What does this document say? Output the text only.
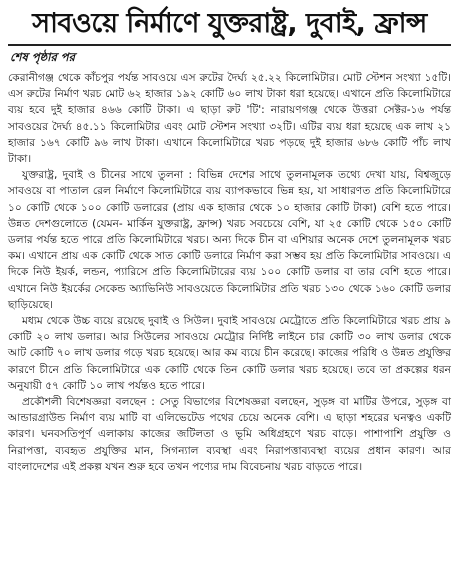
সাবওয়ে নির্মাণে যুক্তরাষ্ট্র, দুবাই, ফ্রান্স
শেষ পৃষ্ঠার পর

কেরানীগঞ্জ থেকে কাঁচপুর পর্যন্ত সাবওয়ে এস রুটের দৈর্ঘ্য ২৫.২২ কিলোমিটার। মোট স্টেশন সংখ্যা ১৫টি। এস রুটের নির্মাণ খরচ মোট ৬২ হাজার ১৯২ কোটি ৬০ লাখ টাকা ধরা হয়েছে। এখানে প্রতি কিলোমিটারে ব্যয় হবে দুই হাজার ৪৬৬ কোটি টাকা। এ ছাড়া রুট 'টি': নারায়ণগঞ্জ থেকে উত্তরা সেক্টর-১৬ পর্যন্ত সাবওয়ের দৈর্ঘ্য ৪৫.১১ কিলোমিটার এবং মোট স্টেশন সংখ্যা ৩২টি। এটির ব্যয় ধরা হয়েছে এক লাখ ২১ হাজার ১৬৭ কোটি ৯৬ লাখ টাকা। এখানে কিলোমিটারে খরচ পড়ছে দুই হাজার ৬৮৬ কোটি পাঁচ লাখ টাকা।

যুক্তরাষ্ট্র, দুবাই ও চীনের সাথে তুলনা : বিভিন্ন দেশের সাথে তুলনামূলক তথ্যে দেখা যায়, বিশ্বজুড়ে সাবওয়ে বা পাতাল রেল নির্মাণে কিলোমিটারে ব্যয় ব্যাপকভাবে ভিন্ন হয়, যা সাধারণত প্রতি কিলোমিটারে ১০ কোটি থেকে ১০০ কোটি ডলারের (প্রায় এক হাজার থেকে ১০ হাজার কোটি টাকা) বেশি হতে পারে। উন্নত দেশগুলোতে (যেমন- মার্কিন যুক্তরাষ্ট্র, ফ্রান্স) খরচ সবচেয়ে বেশি, যা ২৫ কোটি থেকে ১৫০ কোটি ডলার পর্যন্ত হতে পারে প্রতি কিলোমিটারে খরচ। অন্য দিকে চীন বা এশিয়ার অনেক দেশে তুলনামূলক খরচ কম। এখানে প্রায় এক কোটি থেকে সাত কোটি ডলারে নির্মাণ করা সম্ভব হয় প্রতি কিলোমিটার সাবওয়ে। এ দিকে নিউ ইয়র্ক, লন্ডন, প্যারিসে প্রতি কিলোমিটারের ব্যয় ১০০ কোটি ডলার বা তার বেশি হতে পারে। এখানে নিউ ইয়র্কের সেকেন্ড অ্যাভিনিউ সাবওয়েতে কিলোমিটার প্রতি খরচ ১৩০ থেকে ১৬০ কোটি ডলার ছাড়িয়েছে।

মধ্যম থেকে উচ্চ ব্যয়ে রয়েছে দুবাই ও সিউল। দুবাই সাবওয়ে মেট্রোতে প্রতি কিলোমিটারে খরচ প্রায় ৯ কোটি ২০ লাখ ডলার। আর সিউলের সাবওয়ে মেট্রোর নির্দিষ্ট লাইনে চার কোটি ৩০ লাখ ডলার থেকে আট কোটি ৭০ লাখ ডলার গড়ে খরচ হয়েছে। আর কম ব্যয়ে চীন করেছে। কাজের পরিধি ও উন্নত প্রযুক্তির কারণে চীনে প্রতি কিলোমিটারে এক কোটি থেকে তিন কোটি ডলার খরচ হয়েছে। তবে তা প্রকল্পের ধরন অনুযায়ী ৫৭ কোটি ১০ লাখ পর্যন্তও হতে পারে।

প্রকৌশলী বিশেষজ্ঞরা বলছেন : সেতু বিভাগের বিশেষজ্ঞরা বলছেন, সুড়ঙ্গ বা মাটির উপরে, সুড়ঙ্গ বা আন্ডারগ্রাউন্ড নির্মাণ ব্যয় মাটি বা এলিভেটেড পথের চেয়ে অনেক বেশি। এ ছাড়া শহরের ঘনত্বও একটি কারণ। ঘনবসতিপূর্ণ এলাকায় কাজের জটিলতা ও ভূমি অধিগ্রহণে খরচ বাড়ে। পাশাপাশি প্রযুক্তি ও নিরাপত্তা, ব্যবহৃত প্রযুক্তির মান, সিগন্যাল ব্যবস্থা এবং নিরাপত্তাব্যবস্থা ব্যয়ের প্রধান কারণ। আর বাংলাদেশের এই প্রকল্প যখন শুরু হবে তখন পণ্যের দাম বিবেচনায় খরচ বাড়তে পারে।
